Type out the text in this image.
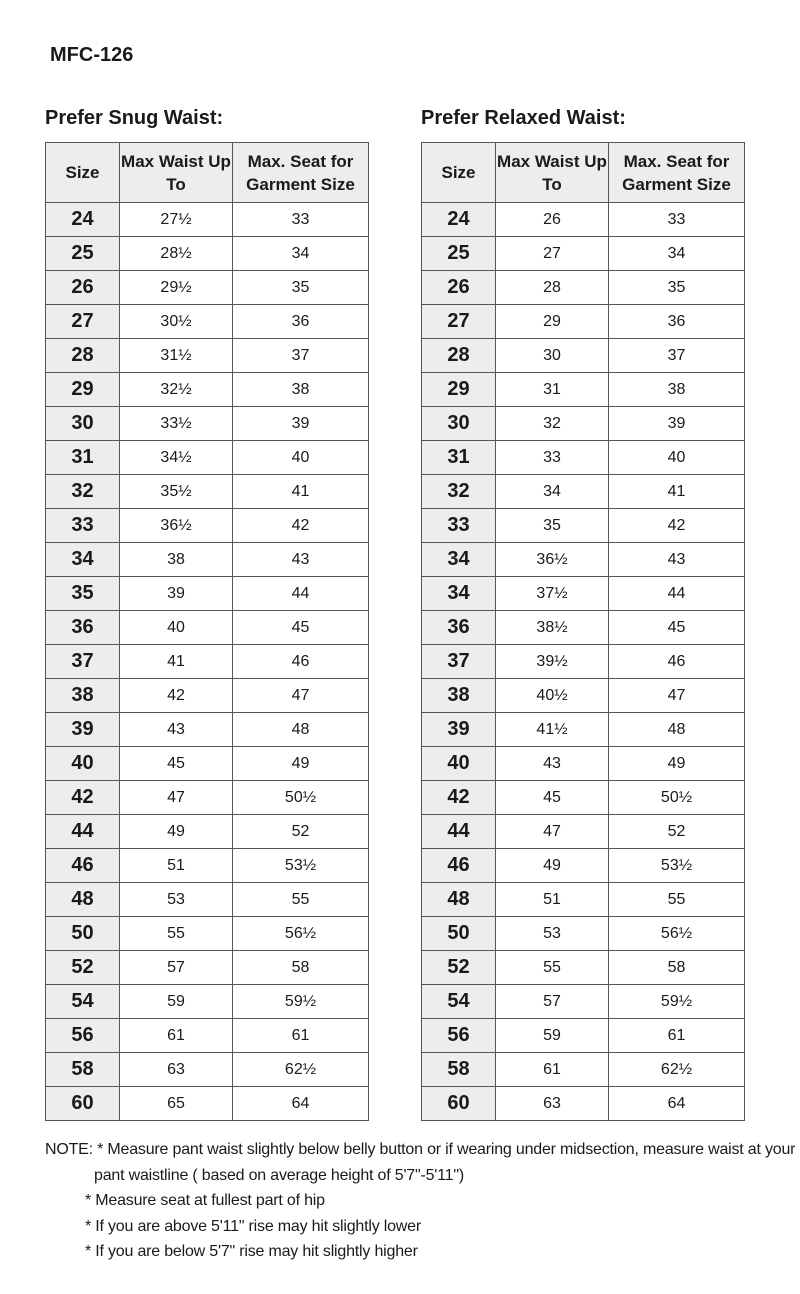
MFC-126
Prefer Snug Waist:	Prefer Relaxed Waist:
Size	Max Waist Up To	Max. Seat for Garment Size
24	27½	33
25	28½	34
26	29½	35
27	30½	36
28	31½	37
29	32½	38
30	33½	39
31	34½	40
32	35½	41
33	36½	42
34	38	43
35	39	44
36	40	45
37	41	46
38	42	47
39	43	48
40	45	49
42	47	50½
44	49	52
46	51	53½
48	53	55
50	55	56½
52	57	58
54	59	59½
56	61	61
58	63	62½
60	65	64
Size	Max Waist Up To	Max. Seat for Garment Size
24	26	33
25	27	34
26	28	35
27	29	36
28	30	37
29	31	38
30	32	39
31	33	40
32	34	41
33	35	42
34	36½	43
34	37½	44
36	38½	45
37	39½	46
38	40½	47
39	41½	48
40	43	49
42	45	50½
44	47	52
46	49	53½
48	51	55
50	53	56½
52	55	58
54	57	59½
56	59	61
58	61	62½
60	63	64
NOTE: * Measure pant waist slightly below belly button or if wearing under midsection, measure waist at your
pant waistline ( based on average height of 5'7"-5'11")
* Measure seat at fullest part of hip
* If you are above 5'11" rise may hit slightly lower
* If you are below 5'7" rise may hit slightly higher
